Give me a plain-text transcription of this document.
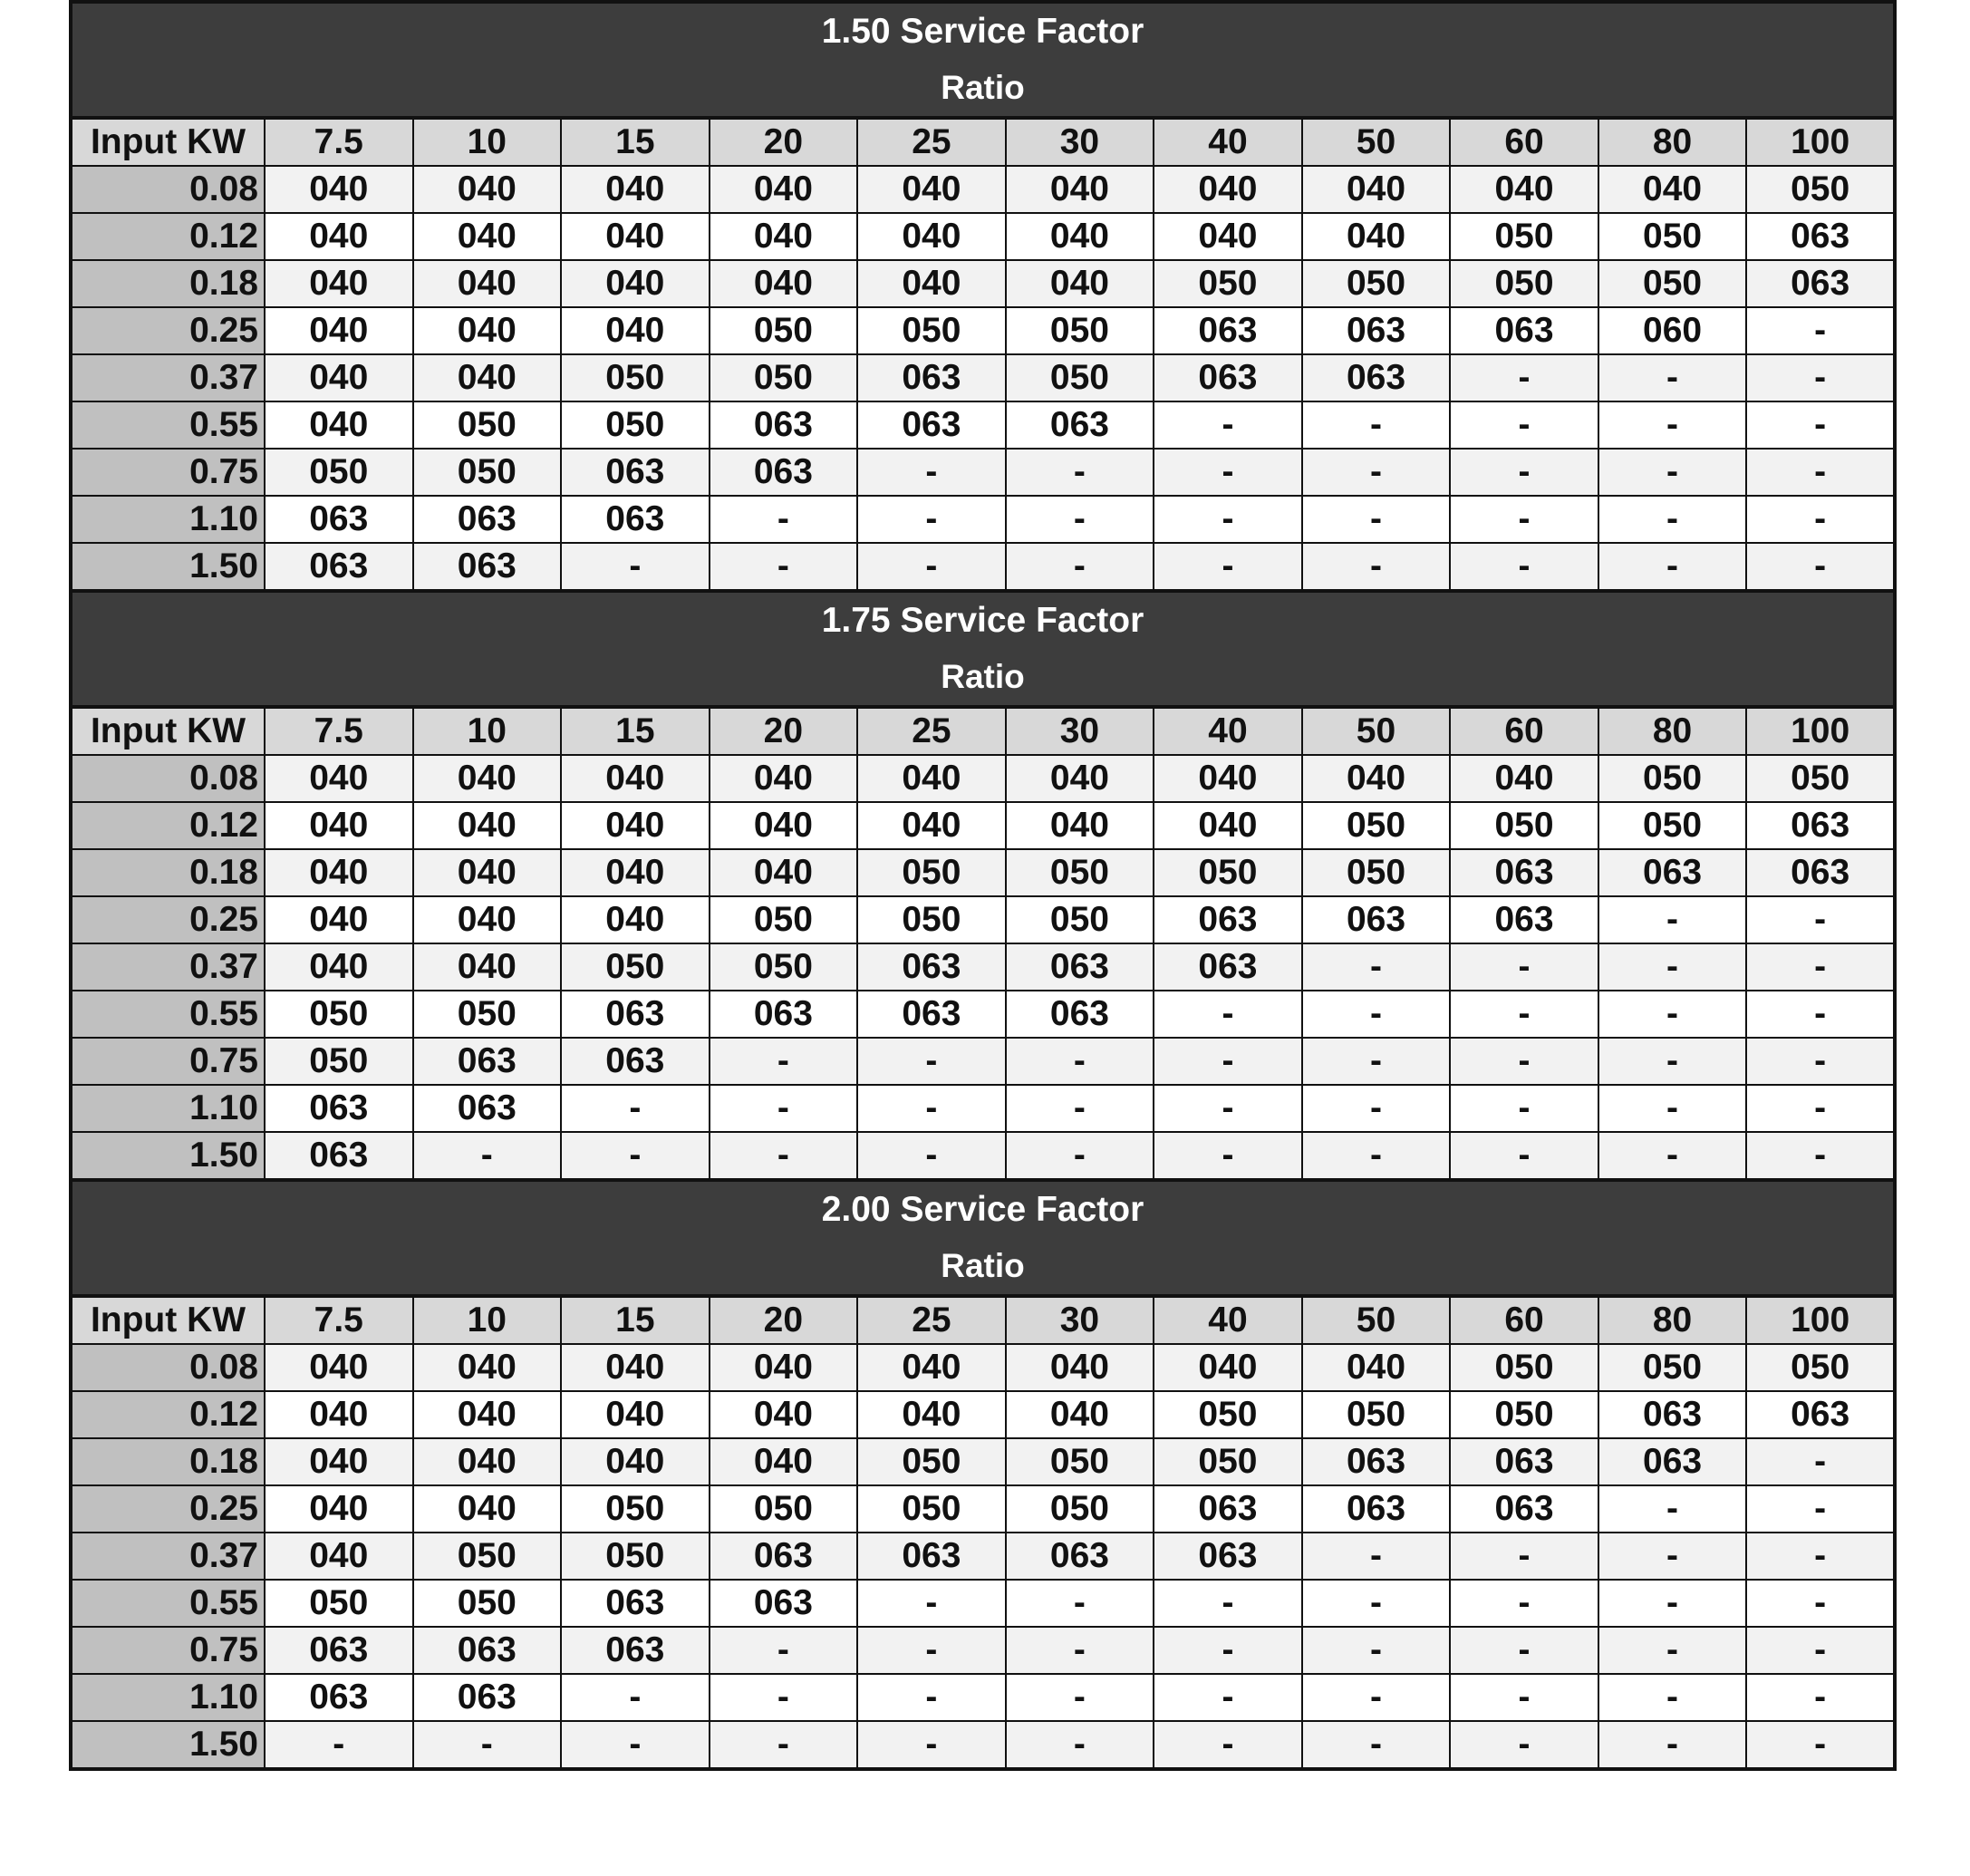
1.50 Service Factor											
Ratio											
Input KW	7.5	10	15	20	25	30	40	50	60	80	100
0.08	040	040	040	040	040	040	040	040	040	040	050
0.12	040	040	040	040	040	040	040	040	050	050	063
0.18	040	040	040	040	040	040	050	050	050	050	063
0.25	040	040	040	050	050	050	063	063	063	060	-
0.37	040	040	050	050	063	050	063	063	-	-	-
0.55	040	050	050	063	063	063	-	-	-	-	-
0.75	050	050	063	063	-	-	-	-	-	-	-
1.10	063	063	063	-	-	-	-	-	-	-	-
1.50	063	063	-	-	-	-	-	-	-	-	-
1.75 Service Factor											
Ratio											
Input KW	7.5	10	15	20	25	30	40	50	60	80	100
0.08	040	040	040	040	040	040	040	040	040	050	050
0.12	040	040	040	040	040	040	040	050	050	050	063
0.18	040	040	040	040	050	050	050	050	063	063	063
0.25	040	040	040	050	050	050	063	063	063	-	-
0.37	040	040	050	050	063	063	063	-	-	-	-
0.55	050	050	063	063	063	063	-	-	-	-	-
0.75	050	063	063	-	-	-	-	-	-	-	-
1.10	063	063	-	-	-	-	-	-	-	-	-
1.50	063	-	-	-	-	-	-	-	-	-	-
2.00 Service Factor											
Ratio											
Input KW	7.5	10	15	20	25	30	40	50	60	80	100
0.08	040	040	040	040	040	040	040	040	050	050	050
0.12	040	040	040	040	040	040	050	050	050	063	063
0.18	040	040	040	040	050	050	050	063	063	063	-
0.25	040	040	050	050	050	050	063	063	063	-	-
0.37	040	050	050	063	063	063	063	-	-	-	-
0.55	050	050	063	063	-	-	-	-	-	-	-
0.75	063	063	063	-	-	-	-	-	-	-	-
1.10	063	063	-	-	-	-	-	-	-	-	-
1.50	-	-	-	-	-	-	-	-	-	-	-
